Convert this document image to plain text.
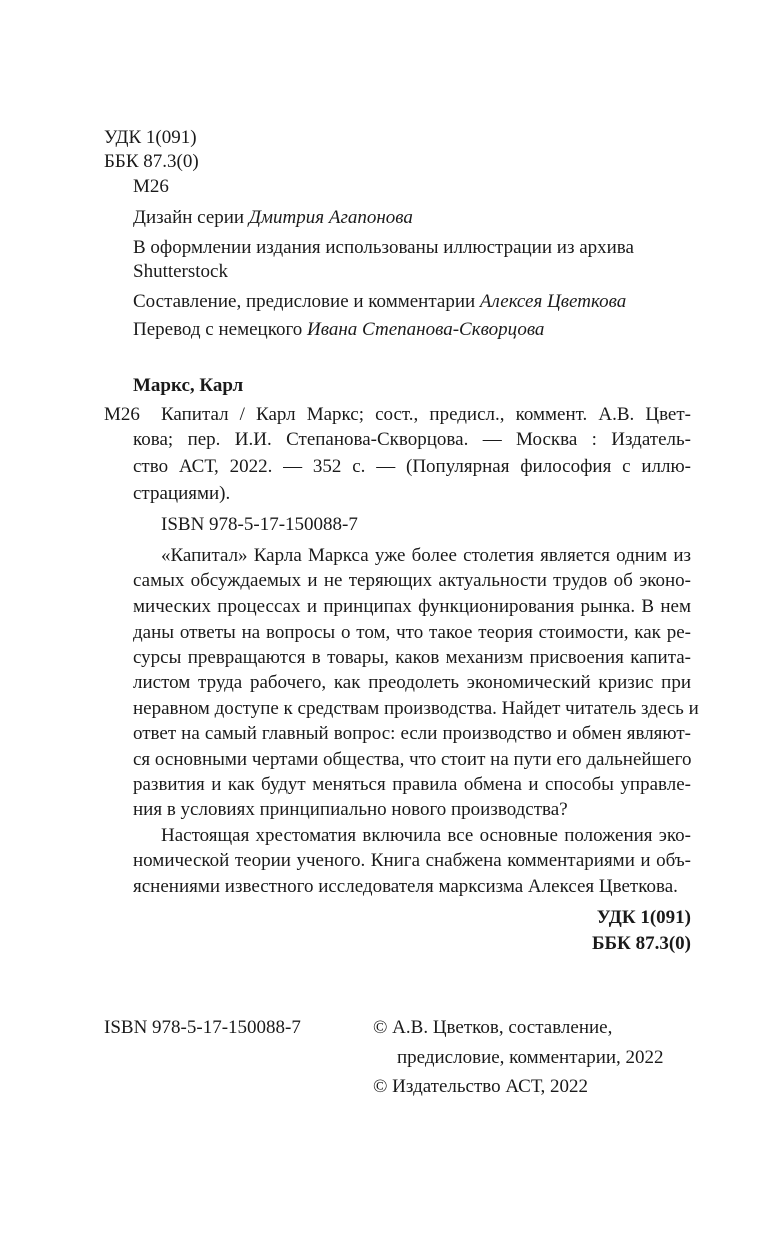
УДК 1(091)
ББК 87.3(0)
М26
Дизайн серии Дмитрия Агапонова
В оформлении издания использованы иллюстрации из архива
Shutterstock
Составление, предисловие и комментарии Алексея Цветкова
Перевод с немецкого Ивана Степанова-Скворцова
Маркс, Карл
М26 Капитал / Карл Маркс; сост., предисл., коммент. А.В. Цвет-
кова; пер. И.И. Степанова-Скворцова. — Москва : Издатель-
ство АСТ, 2022. — 352 с. — (Популярная философия с иллю-
страциями).
ISBN 978-5-17-150088-7
«Капитал» Карла Маркса уже более столетия является одним из
самых обсуждаемых и не теряющих актуальности трудов об эконо-
мических процессах и принципах функционирования рынка. В нем
даны ответы на вопросы о том, что такое теория стоимости, как ре-
сурсы превращаются в товары, каков механизм присвоения капита-
листом труда рабочего, как преодолеть экономический кризис при
неравном доступе к средствам производства. Найдет читатель здесь и
ответ на самый главный вопрос: если производство и обмен являют-
ся основными чертами общества, что стоит на пути его дальнейшего
развития и как будут меняться правила обмена и способы управле-
ния в условиях принципиально нового производства?
Настоящая хрестоматия включила все основные положения эко-
номической теории ученого. Книга снабжена комментариями и объ-
яснениями известного исследователя марксизма Алексея Цветкова.
УДК 1(091)
ББК 87.3(0)
ISBN 978-5-17-150088-7	© А.В. Цветков, составление,
предисловие, комментарии, 2022
© Издательство АСТ, 2022
